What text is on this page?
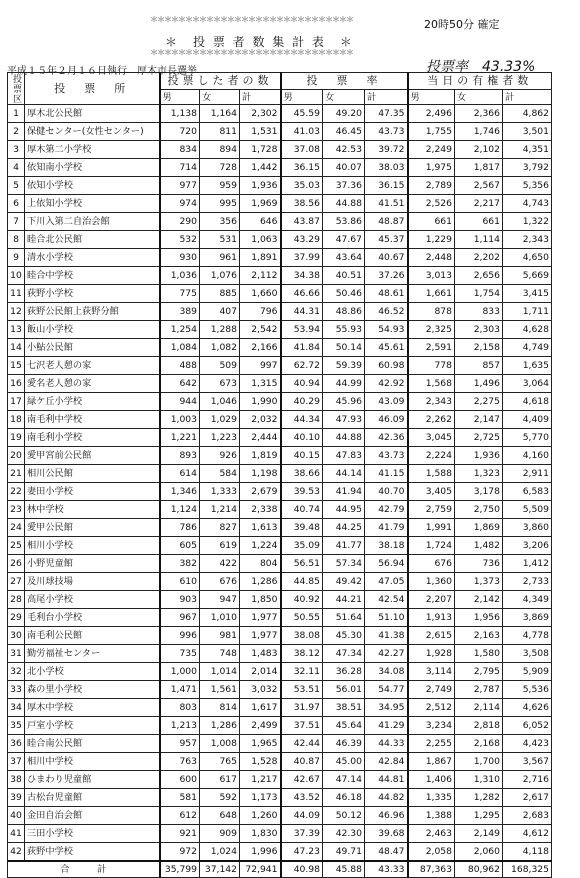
＊＊＊＊＊＊＊＊＊＊＊＊＊＊＊＊＊＊＊＊＊＊＊＊＊＊＊＊＊
＊　投 票 者 数 集 計 表　＊
＊＊＊＊＊＊＊＊＊＊＊＊＊＊＊＊＊＊＊＊＊＊＊＊＊＊＊＊＊
20時50分 確定
平成１５年２月１６日執行　厚木市長選挙	投票率　43.33%
投票区	投　票　所	投票した者の数			投　票　率			当日の有権者数		
		男	女	計	男	女	計	男	女	計
1	厚木北公民館	1,138	1,164	2,302	45.59	49.20	47.35	2,496	2,366	4,862
2	保健センター(女性センター)	720	811	1,531	41.03	46.45	43.73	1,755	1,746	3,501
3	厚木第二小学校	834	894	1,728	37.08	42.53	39.72	2,249	2,102	4,351
4	依知南小学校	714	728	1,442	36.15	40.07	38.03	1,975	1,817	3,792
5	依知小学校	977	959	1,936	35.03	37.36	36.15	2,789	2,567	5,356
6	上依知小学校	974	995	1,969	38.56	44.88	41.51	2,526	2,217	4,743
7	下川入第二自治会館	290	356	646	43.87	53.86	48.87	661	661	1,322
8	睦合北公民館	532	531	1,063	43.29	47.67	45.37	1,229	1,114	2,343
9	清水小学校	930	961	1,891	37.99	43.64	40.67	2,448	2,202	4,650
10	睦合中学校	1,036	1,076	2,112	34.38	40.51	37.26	3,013	2,656	5,669
11	荻野小学校	775	885	1,660	46.66	50.46	48.61	1,661	1,754	3,415
12	荻野公民館上荻野分館	389	407	796	44.31	48.86	46.52	878	833	1,711
13	飯山小学校	1,254	1,288	2,542	53.94	55.93	54.93	2,325	2,303	4,628
14	小鮎公民館	1,084	1,082	2,166	41.84	50.14	45.61	2,591	2,158	4,749
15	七沢老人憩の家	488	509	997	62.72	59.39	60.98	778	857	1,635
16	愛名老人憩の家	642	673	1,315	40.94	44.99	42.92	1,568	1,496	3,064
17	緑ケ丘小学校	944	1,046	1,990	40.29	45.96	43.09	2,343	2,275	4,618
18	南毛利中学校	1,003	1,029	2,032	44.34	47.93	46.09	2,262	2,147	4,409
19	南毛利小学校	1,221	1,223	2,444	40.10	44.88	42.36	3,045	2,725	5,770
20	愛甲宮前公民館	893	926	1,819	40.15	47.83	43.73	2,224	1,936	4,160
21	相川公民館	614	584	1,198	38.66	44.14	41.15	1,588	1,323	2,911
22	妻田小学校	1,346	1,333	2,679	39.53	41.94	40.70	3,405	3,178	6,583
23	林中学校	1,124	1,214	2,338	40.74	44.95	42.79	2,759	2,750	5,509
24	愛甲公民館	786	827	1,613	39.48	44.25	41.79	1,991	1,869	3,860
25	相川小学校	605	619	1,224	35.09	41.77	38.18	1,724	1,482	3,206
26	小野児童館	382	422	804	56.51	57.34	56.94	676	736	1,412
27	及川球技場	610	676	1,286	44.85	49.42	47.05	1,360	1,373	2,733
28	高尾小学校	903	947	1,850	40.92	44.21	42.54	2,207	2,142	4,349
29	毛利台小学校	967	1,010	1,977	50.55	51.64	51.10	1,913	1,956	3,869
30	南毛利公民館	996	981	1,977	38.08	45.30	41.38	2,615	2,163	4,778
31	勤労福祉センター	735	748	1,483	38.12	47.34	42.27	1,928	1,580	3,508
32	北小学校	1,000	1,014	2,014	32.11	36.28	34.08	3,114	2,795	5,909
33	森の里小学校	1,471	1,561	3,032	53.51	56.01	54.77	2,749	2,787	5,536
34	厚木中学校	803	814	1,617	31.97	38.51	34.95	2,512	2,114	4,626
35	戸室小学校	1,213	1,286	2,499	37.51	45.64	41.29	3,234	2,818	6,052
36	睦合南公民館	957	1,008	1,965	42.44	46.39	44.33	2,255	2,168	4,423
37	相川中学校	763	765	1,528	40.87	45.00	42.84	1,867	1,700	3,567
38	ひまわり児童館	600	617	1,217	42.67	47.14	44.81	1,406	1,310	2,716
39	古松台児童館	581	592	1,173	43.52	46.18	44.82	1,335	1,282	2,617
40	金田自治会館	612	648	1,260	44.09	50.12	46.96	1,388	1,295	2,683
41	三田小学校	921	909	1,830	37.39	42.30	39.68	2,463	2,149	4,612
42	荻野中学校	972	1,024	1,996	47.23	49.71	48.47	2,058	2,060	4,118
合　　　計		35,799	37,142	72,941	40.98	45.88	43.33	87,363	80,962	168,325
